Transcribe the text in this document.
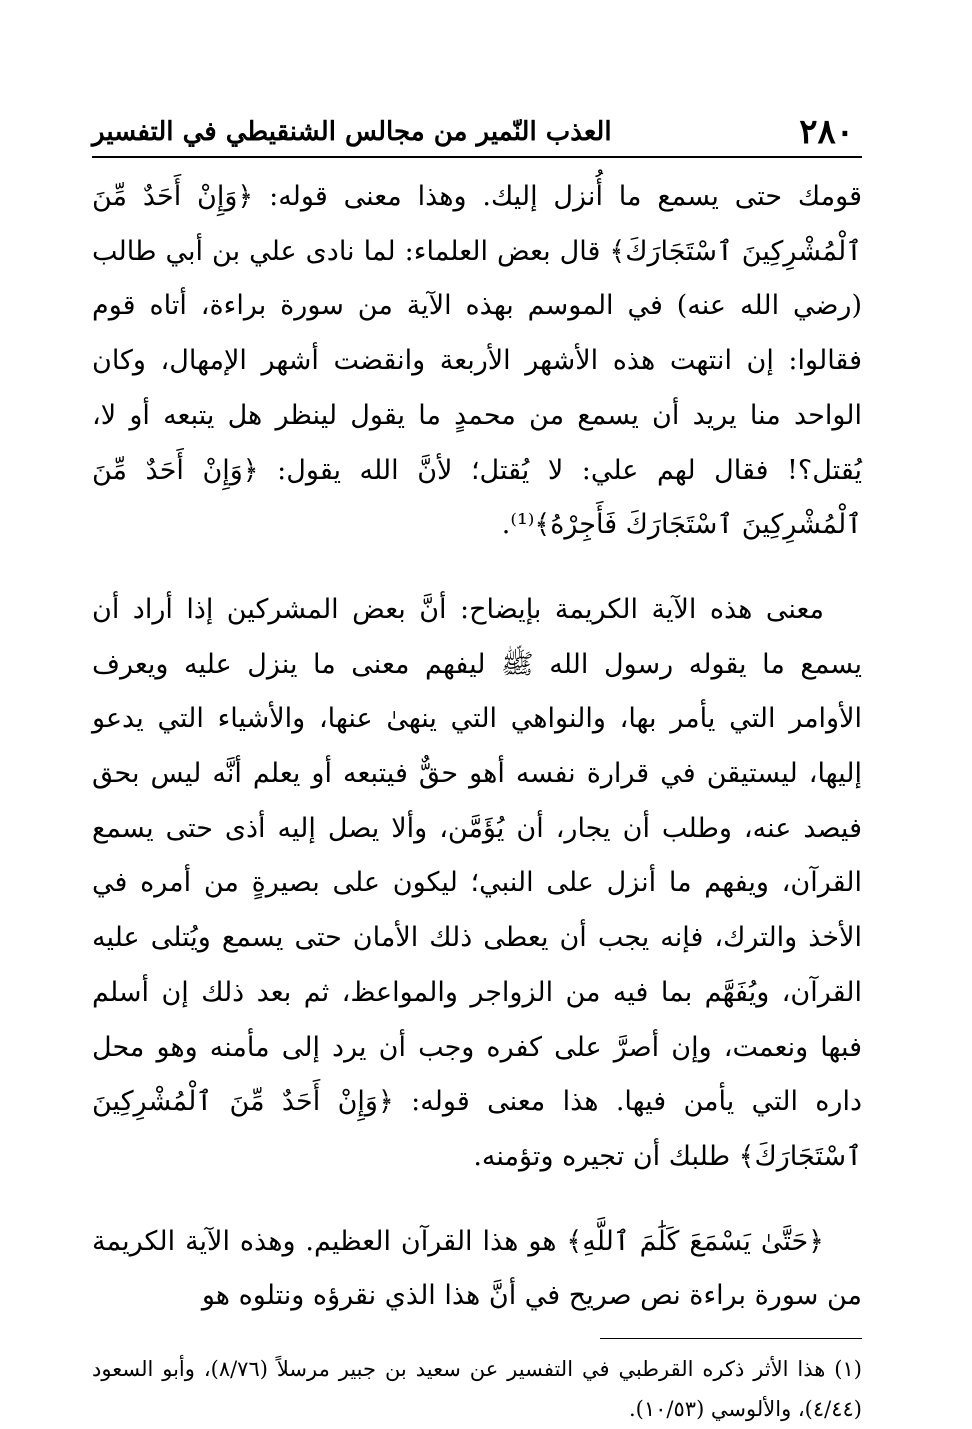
٢٨٠
العذب النّمير من مجالس الشنقيطي في التفسير

قومك حتى يسمع ما أُنزل إليك. وهذا معنى قوله: ﴿وَإِنْ أَحَدٌ مِّنَ ٱلْمُشْرِكِينَ ٱسْتَجَارَكَ﴾ قال بعض العلماء: لما نادى علي بن أبي طالب (رضي الله عنه) في الموسم بهذه الآية من سورة براءة، أتاه قوم فقالوا: إن انتهت هذه الأشهر الأربعة وانقضت أشهر الإمهال، وكان الواحد منا يريد أن يسمع من محمدٍ ما يقول لينظر هل يتبعه أو لا، يُقتل؟! فقال لهم علي: لا يُقتل؛ لأنَّ الله يقول: ﴿وَإِنْ أَحَدٌ مِّنَ ٱلْمُشْرِكِينَ ٱسْتَجَارَكَ فَأَجِرْهُ﴾⁽¹⁾.

معنى هذه الآية الكريمة بإيضاح: أنَّ بعض المشركين إذا أراد أن يسمع ما يقوله رسول الله ﷺ ليفهم معنى ما ينزل عليه ويعرف الأوامر التي يأمر بها، والنواهي التي ينهىٰ عنها، والأشياء التي يدعو إليها، ليستيقن في قرارة نفسه أهو حقٌّ فيتبعه أو يعلم أنَّه ليس بحق فيصد عنه، وطلب أن يجار، أن يُؤَمَّن، وألا يصل إليه أذى حتى يسمع القرآن، ويفهم ما أنزل على النبي؛ ليكون على بصيرةٍ من أمره في الأخذ والترك، فإنه يجب أن يعطى ذلك الأمان حتى يسمع ويُتلى عليه القرآن، ويُفَهَّم بما فيه من الزواجر والمواعظ، ثم بعد ذلك إن أسلم فبها ونعمت، وإن أصرَّ على كفره وجب أن يرد إلى مأمنه وهو محل داره التي يأمن فيها. هذا معنى قوله: ﴿وَإِنْ أَحَدٌ مِّنَ ٱلْمُشْرِكِينَ ٱسْتَجَارَكَ﴾ طلبك أن تجيره وتؤمنه.

﴿حَتَّىٰ يَسْمَعَ كَلَٰمَ ٱللَّهِ﴾ هو هذا القرآن العظيم. وهذه الآية الكريمة من سورة براءة نص صريح في أنَّ هذا الذي نقرؤه ونتلوه هو

(١) هذا الأثر ذكره القرطبي في التفسير عن سعيد بن جبير مرسلاً (٨/٧٦)، وأبو السعود (٤/٤٤)، والألوسي (١٠/٥٣).
